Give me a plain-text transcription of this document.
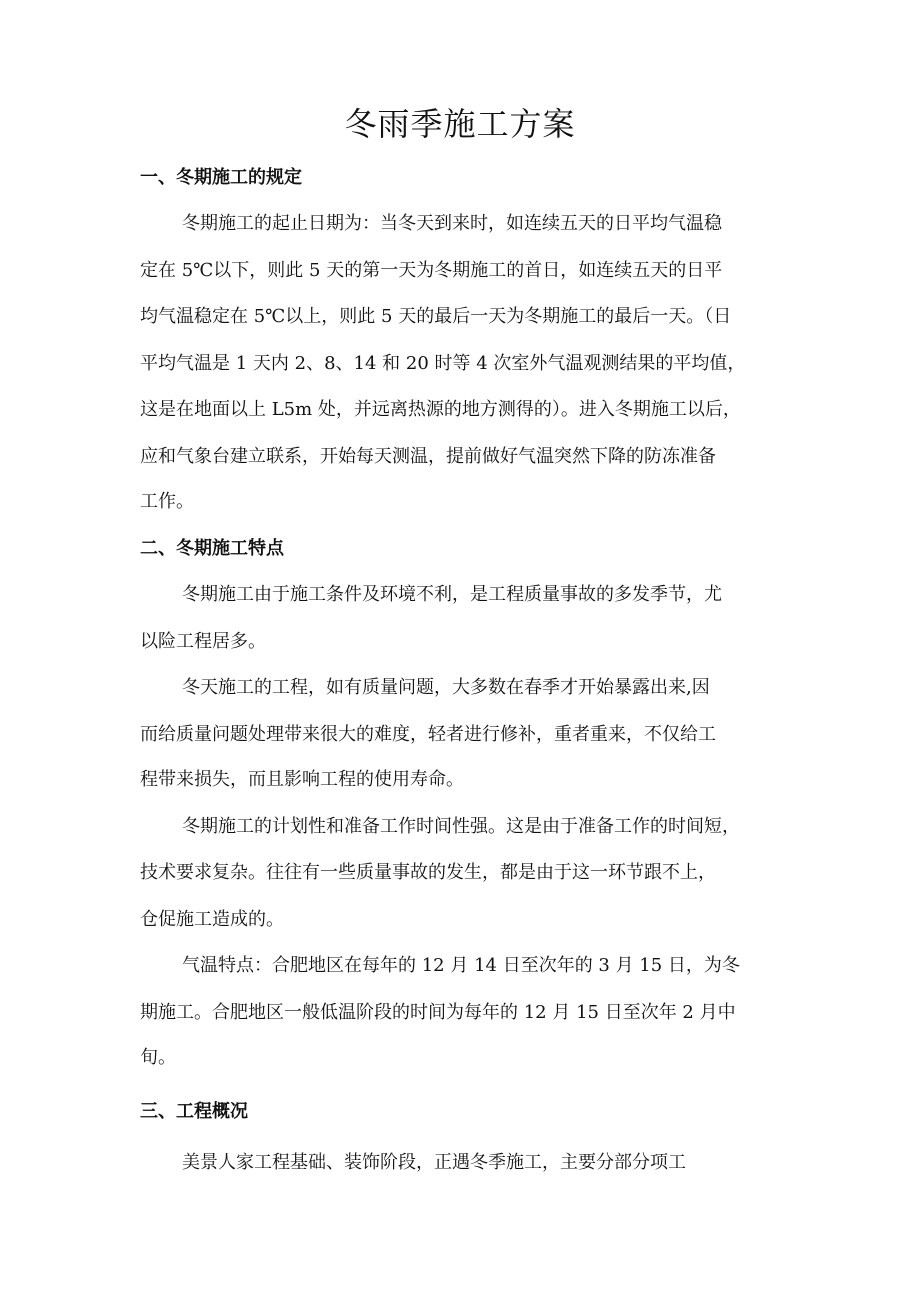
冬雨季施工方案
一、冬期施工的规定
冬期施工的起止日期为：当冬天到来时，如连续五天的日平均气温稳
定在 5℃以下，则此 5 天的第一天为冬期施工的首日，如连续五天的日平
均气温稳定在 5℃以上，则此 5 天的最后一天为冬期施工的最后一天。（日
平均气温是 1 天内 2、8、14 和 20 时等 4 次室外气温观测结果的平均值，
这是在地面以上 L5m 处，并远离热源的地方测得的）。进入冬期施工以后，
应和气象台建立联系，开始每天测温，提前做好气温突然下降的防冻准备
工作。
二、冬期施工特点
冬期施工由于施工条件及环境不利，是工程质量事故的多发季节，尤
以险工程居多。
冬天施工的工程，如有质量问题，大多数在春季才开始暴露出来,因
而给质量问题处理带来很大的难度，轻者进行修补，重者重来，不仅给工
程带来损失，而且影响工程的使用寿命。
冬期施工的计划性和准备工作时间性强。这是由于准备工作的时间短，
技术要求复杂。往往有一些质量事故的发生，都是由于这一环节跟不上，
仓促施工造成的。
气温特点：合肥地区在每年的 12 月 14 日至次年的 3 月 15 日，为冬
期施工。合肥地区一般低温阶段的时间为每年的 12 月 15 日至次年 2 月中
旬。
三、工程概况
美景人家工程基础、装饰阶段，正遇冬季施工，主要分部分项工
